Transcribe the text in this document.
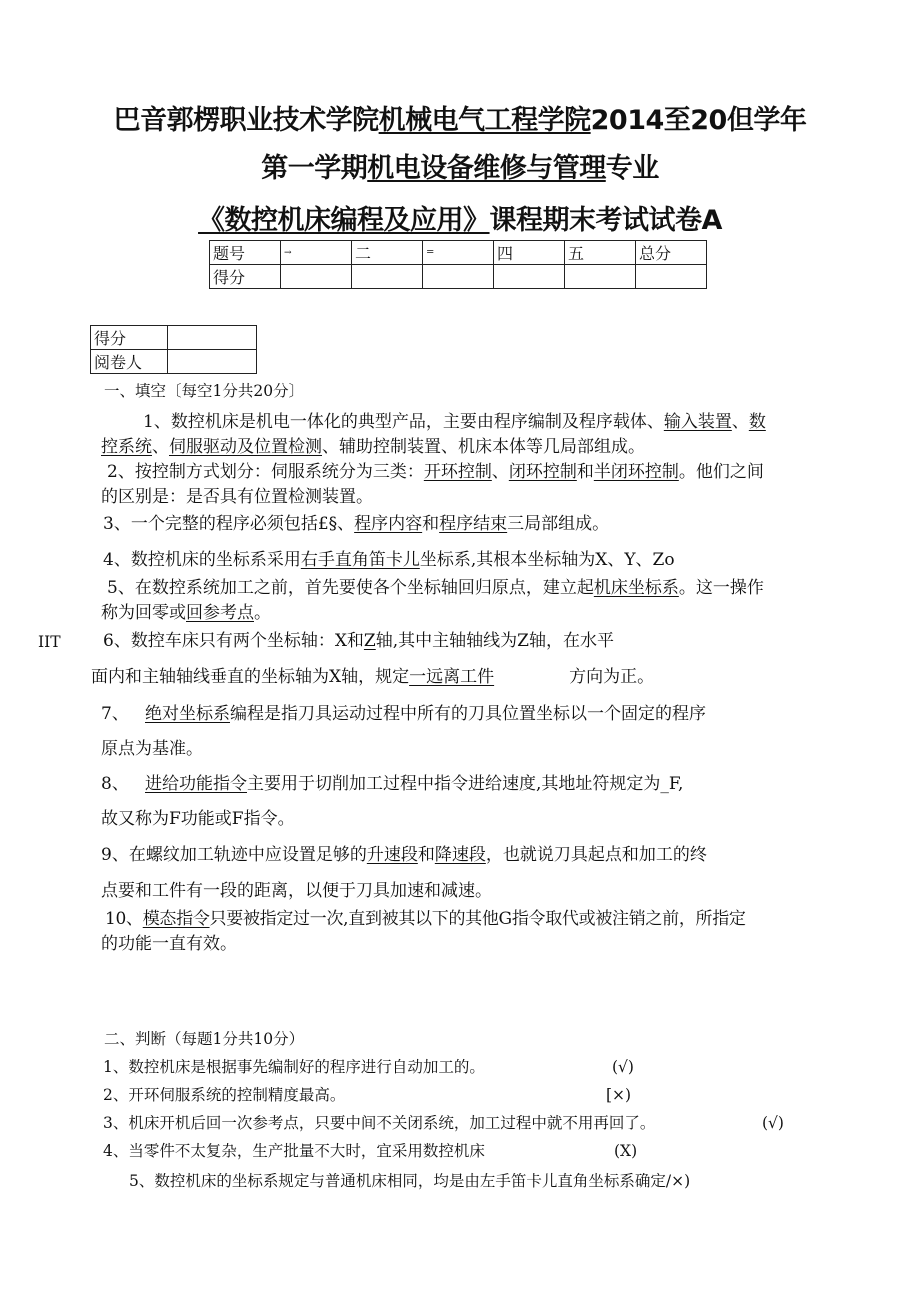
巴音郭楞职业技术学院机械电气工程学院2014至20但学年
第一学期机电设备维修与管理专业
《数控机床编程及应用》课程期末考试试卷A
题号	→	二	=	四	五	总分
得分						
得分	
阅卷人	
一、填空〔每空1分共20分〕
1、数控机床是机电一体化的典型产品，主要由程序编制及程序载体、输入装置、数
控系统、伺服驱动及位置检测、辅助控制装置、机床本体等几局部组成。
2、按控制方式划分：伺服系统分为三类：开环控制、闭环控制和半闭环控制。他们之间
的区别是：是否具有位置检测装置。
3、一个完整的程序必须包括£§、程序内容和程序结束三局部组成。
4、数控机床的坐标系采用右手直角笛卡儿坐标系,其根本坐标轴为X、Y、Zo
5、在数控系统加工之前，首先要使各个坐标轴回归原点，建立起机床坐标系。这一操作
称为回零或回参考点。
IIT 6、数控车床只有两个坐标轴：X和Z轴,其中主轴轴线为Z轴，在水平
面内和主轴轴线垂直的坐标轴为X轴，规定一远离工件	方向为正。
7、 绝对坐标系编程是指刀具运动过程中所有的刀具位置坐标以一个固定的程序
原点为基准。
8、 进给功能指令主要用于切削加工过程中指令进给速度,其地址符规定为_F,
故又称为F功能或F指令。
9、在螺纹加工轨迹中应设置足够的升速段和降速段，也就说刀具起点和加工的终
点要和工件有一段的距离，以便于刀具加速和减速。
10、模态指令只要被指定过一次,直到被其以下的其他G指令取代或被注销之前，所指定
的功能一直有效。
二、判断（每题1分共10分）
1、数控机床是根据事先编制好的程序进行自动加工的。	(√)
2、开环伺服系统的控制精度最高。	[×)
3、机床开机后回一次参考点，只要中间不关闭系统，加工过程中就不用再回了。	(√)
4、当零件不太复杂，生产批量不大时，宜采用数控机床	(X)
5、数控机床的坐标系规定与普通机床相同，均是由左手笛卡儿直角坐标系确定/×)
